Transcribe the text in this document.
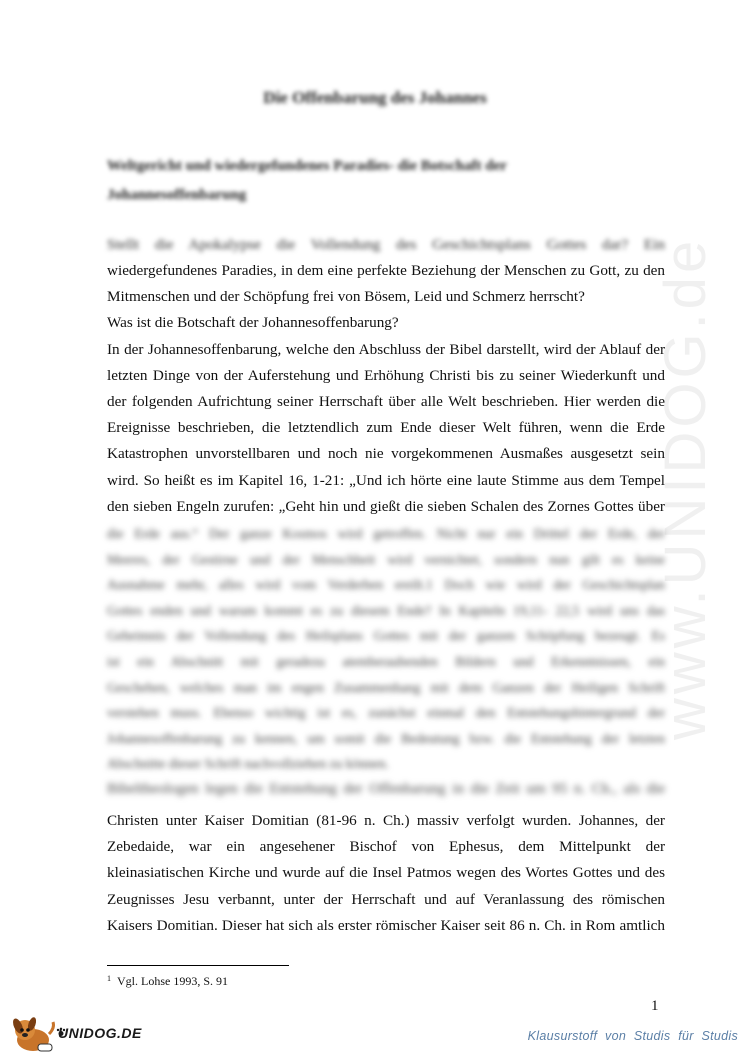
www.UNIDOG.de
Die Offenbarung des Johannes
Weltgericht und wiedergefundenes Paradies- die Botschaft der
Johannesoffenbarung
Stellt die Apokalypse die Vollendung des Geschichtsplans Gottes dar? Ein
wiedergefundenes Paradies, in dem eine perfekte Beziehung der Menschen zu Gott, zu den
Mitmenschen und der Schöpfung frei von Bösem, Leid und Schmerz herrscht?
Was ist die Botschaft der Johannesoffenbarung?
In der Johannesoffenbarung, welche den Abschluss der Bibel darstellt, wird der Ablauf der
letzten Dinge von der Auferstehung und Erhöhung Christi bis zu seiner Wiederkunft und
der folgenden Aufrichtung seiner Herrschaft über alle Welt beschrieben. Hier werden die
Ereignisse beschrieben, die letztendlich zum Ende dieser Welt führen, wenn die Erde
Katastrophen unvorstellbaren und noch nie vorgekommenen Ausmaßes ausgesetzt sein
wird. So heißt es im Kapitel 16, 1-21: „Und ich hörte eine laute Stimme aus dem Tempel
den sieben Engeln zurufen: „Geht hin und gießt die sieben Schalen des Zornes Gottes über
die Erde aus.“ Der ganze Kosmos wird getroffen. Nicht nur ein Drittel der Erde, der
Meeres, der Gestirne und der Menschheit wird vernichtet, sondern nun gilt es keine
Ausnahme mehr, alles wird vom Verderben ereilt.1 Doch wie wird der Geschichtsplan
Gottes enden und warum kommt es zu diesem Ende? In Kapiteln 19,11- 22,5 wird uns das
Geheimnis der Vollendung des Heilsplans Gottes mit der ganzen Schöpfung bezeugt. Es
ist ein Abschnitt mit geradezu atemberaubenden Bildern und Erkenntnissen, ein
Geschehen, welches man im engen Zusammenhang mit dem Ganzen der Heiligen Schrift
verstehen muss. Ebenso wichtig ist es, zunächst einmal den Entstehungshintergrund der
Johannesoffenbarung zu kennen, um somit die Bedeutung bzw. die Entstehung der letzten
Abschnitte dieser Schrift nachvollziehen zu können.
Bibeltheologen legen die Entstehung der Offenbarung in die Zeit um 95 n. Ch., als die
Christen unter Kaiser Domitian (81-96 n. Ch.) massiv verfolgt wurden. Johannes, der
Zebedaide, war ein angesehener Bischof von Ephesus, dem Mittelpunkt der
kleinasiatischen Kirche und wurde auf die Insel Patmos wegen des Wortes Gottes und des
Zeugnisses Jesu verbannt, unter der Herrschaft und auf Veranlassung des römischen
Kaisers Domitian. Dieser hat sich als erster römischer Kaiser seit 86 n. Ch. in Rom amtlich
$^1$ Vgl. Lohse 1993, S. 91
1
UNIDOG.DE	Klausurstoff von Studis für Studis
